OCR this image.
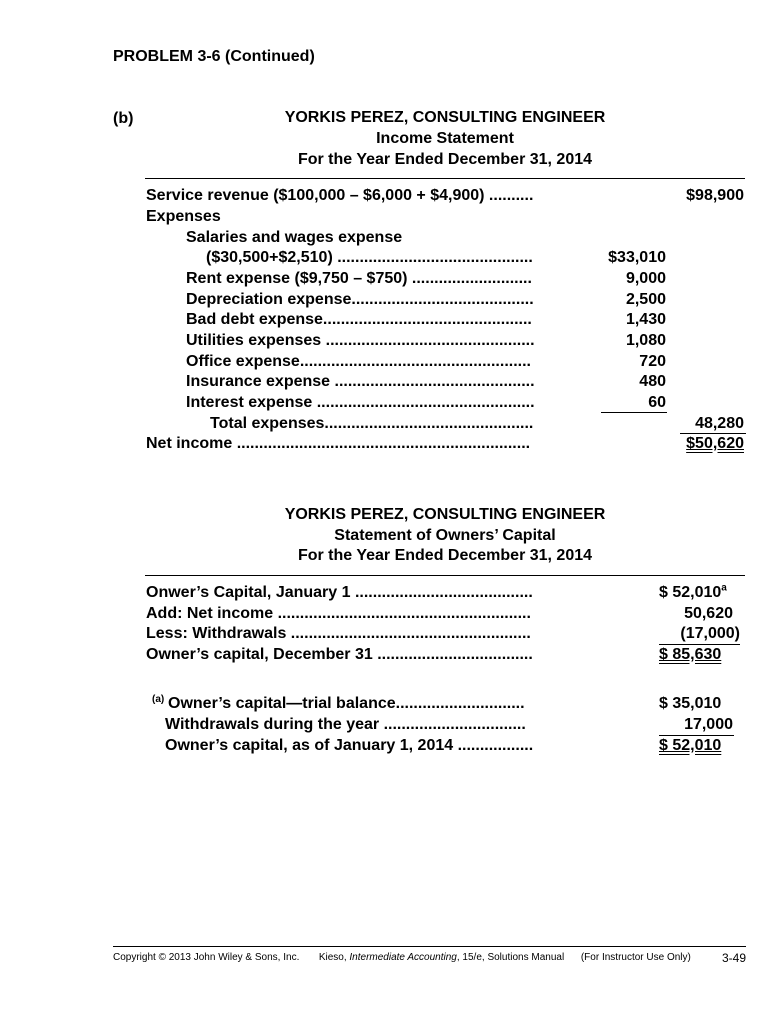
PROBLEM 3-6 (Continued)
(b)	YORKIS PEREZ, CONSULTING ENGINEER
Income Statement
For the Year Ended December 31, 2014
Service revenue ($100,000 – $6,000 + $4,900) ..........	$98,900
Expenses
Salaries and wages expense
($30,500+$2,510) ............................................	$33,010
Rent expense ($9,750 – $750) ...........................	9,000
Depreciation expense.........................................	2,500
Bad debt expense...............................................	1,430
Utilities expenses ...............................................	1,080
Office expense....................................................	720
Insurance expense .............................................	480
Interest expense .................................................	60
Total expenses...............................................	48,280
Net income ..................................................................	$50,620
YORKIS PEREZ, CONSULTING ENGINEER
Statement of Owners’ Capital
For the Year Ended December 31, 2014
Onwer’s Capital, January 1 ........................................	$ 52,010$^a$
Add: Net income .........................................................	50,620
Less: Withdrawals ......................................................	(17,000)
Owner’s capital, December 31 ...................................	$ 85,630
(a) Owner’s capital—trial balance.............................	$ 35,010
Withdrawals during the year ................................	17,000
Owner’s capital, as of January 1, 2014 .................	$ 52,010
Copyright © 2013 John Wiley & Sons, Inc. Kieso, Intermediate Accounting, 15/e, Solutions Manual (For Instructor Use Only)	3-49
